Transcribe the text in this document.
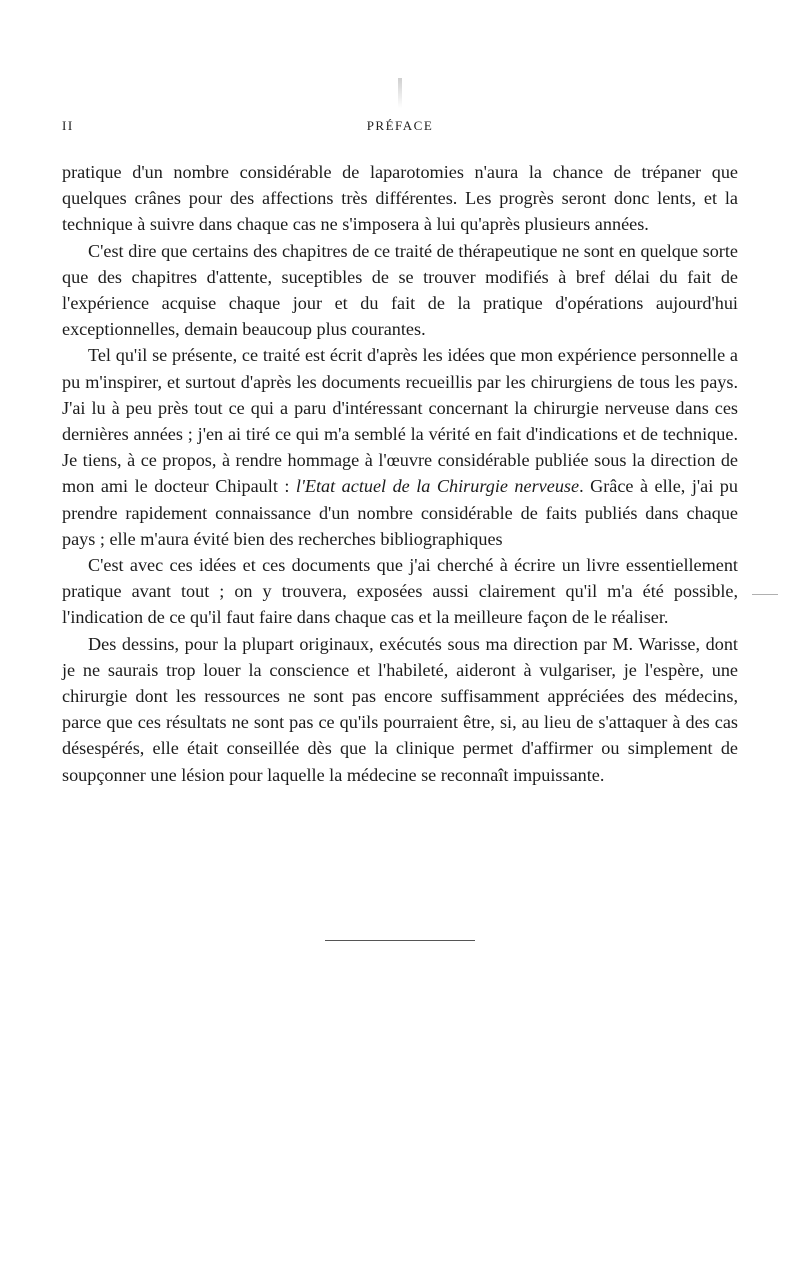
II	PRÉFACE

pratique d'un nombre considérable de laparotomies n'aura la chance de trépaner que quelques crânes pour des affections très différentes. Les progrès seront donc lents, et la technique à suivre dans chaque cas ne s'imposera à lui qu'après plusieurs années.

C'est dire que certains des chapitres de ce traité de thérapeutique ne sont en quelque sorte que des chapitres d'attente, suceptibles de se trouver modifiés à bref délai du fait de l'expérience acquise chaque jour et du fait de la pratique d'opérations aujourd'hui exceptionnelles, demain beaucoup plus courantes.

Tel qu'il se présente, ce traité est écrit d'après les idées que mon expérience personnelle a pu m'inspirer, et surtout d'après les documents recueillis par les chirurgiens de tous les pays. J'ai lu à peu près tout ce qui a paru d'intéressant concernant la chirurgie nerveuse dans ces dernières années ; j'en ai tiré ce qui m'a semblé la vérité en fait d'indications et de technique. Je tiens, à ce propos, à rendre hommage à l'œuvre considérable publiée sous la direction de mon ami le docteur Chipault : l'Etat actuel de la Chirurgie nerveuse. Grâce à elle, j'ai pu prendre rapidement connaissance d'un nombre considérable de faits publiés dans chaque pays ; elle m'aura évité bien des recherches bibliographiques

C'est avec ces idées et ces documents que j'ai cherché à écrire un livre essentiellement pratique avant tout ; on y trouvera, exposées aussi clairement qu'il m'a été possible, l'indication de ce qu'il faut faire dans chaque cas et la meilleure façon de le réaliser.

Des dessins, pour la plupart originaux, exécutés sous ma direction par M. Warisse, dont je ne saurais trop louer la conscience et l'habileté, aideront à vulgariser, je l'espère, une chirurgie dont les ressources ne sont pas encore suffisamment appréciées des médecins, parce que ces résultats ne sont pas ce qu'ils pourraient être, si, au lieu de s'attaquer à des cas désespérés, elle était conseillée dès que la clinique permet d'affirmer ou simplement de soupçonner une lésion pour laquelle la médecine se reconnaît impuissante.
